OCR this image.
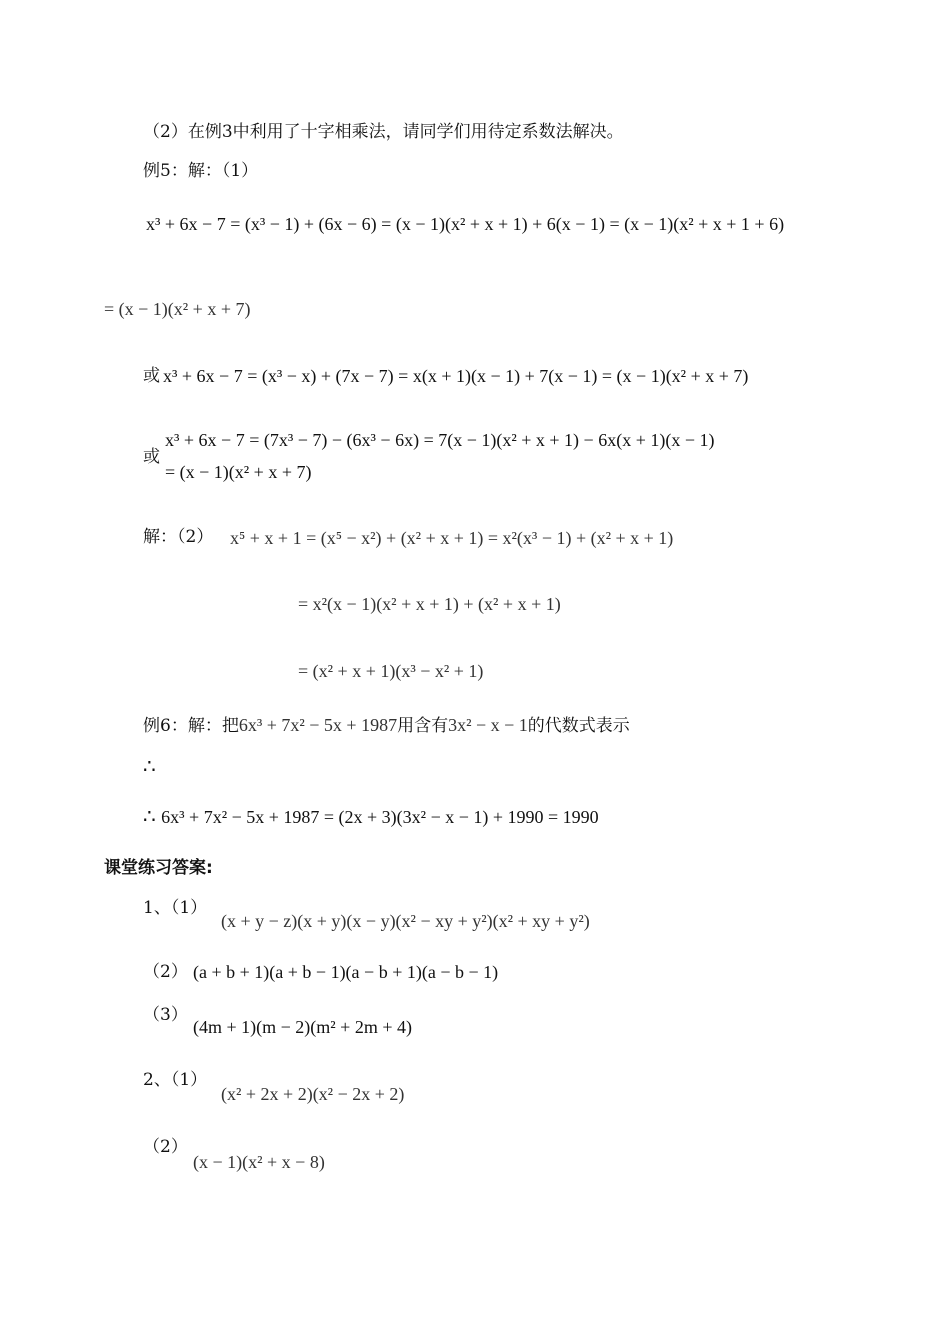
（2）在例3中利用了十字相乘法，请同学们用待定系数法解决。
例5：解：（1）
x³ + 6x − 7 = (x³ − 1) + (6x − 6) = (x − 1)(x² + x + 1) + 6(x − 1) = (x − 1)(x² + x + 1 + 6)
= (x − 1)(x² + x + 7)
或 x³ + 6x − 7 = (x³ − x) + (7x − 7) = x(x + 1)(x − 1) + 7(x − 1) = (x − 1)(x² + x + 7)
或
x³ + 6x − 7 = (7x³ − 7) − (6x³ − 6x) = 7(x − 1)(x² + x + 1) − 6x(x + 1)(x − 1)
= (x − 1)(x² + x + 7)
解：（2） x⁵ + x + 1 = (x⁵ − x²) + (x² + x + 1) = x²(x³ − 1) + (x² + x + 1)
= x²(x − 1)(x² + x + 1) + (x² + x + 1)
= (x² + x + 1)(x³ − x² + 1)
例6：解：把6x³ + 7x² − 5x + 1987用含有3x² − x − 1的代数式表示
∴
∴ 6x³ + 7x² − 5x + 1987 = (2x + 3)(3x² − x − 1) + 1990 = 1990
课堂练习答案:
1、（1）
(x + y − z)(x + y)(x − y)(x² − xy + y²)(x² + xy + y²)
（2） (a + b + 1)(a + b − 1)(a − b + 1)(a − b − 1)
（3）
(4m + 1)(m − 2)(m² + 2m + 4)
2、（1）
(x² + 2x + 2)(x² − 2x + 2)
（2）
(x − 1)(x² + x − 8)
